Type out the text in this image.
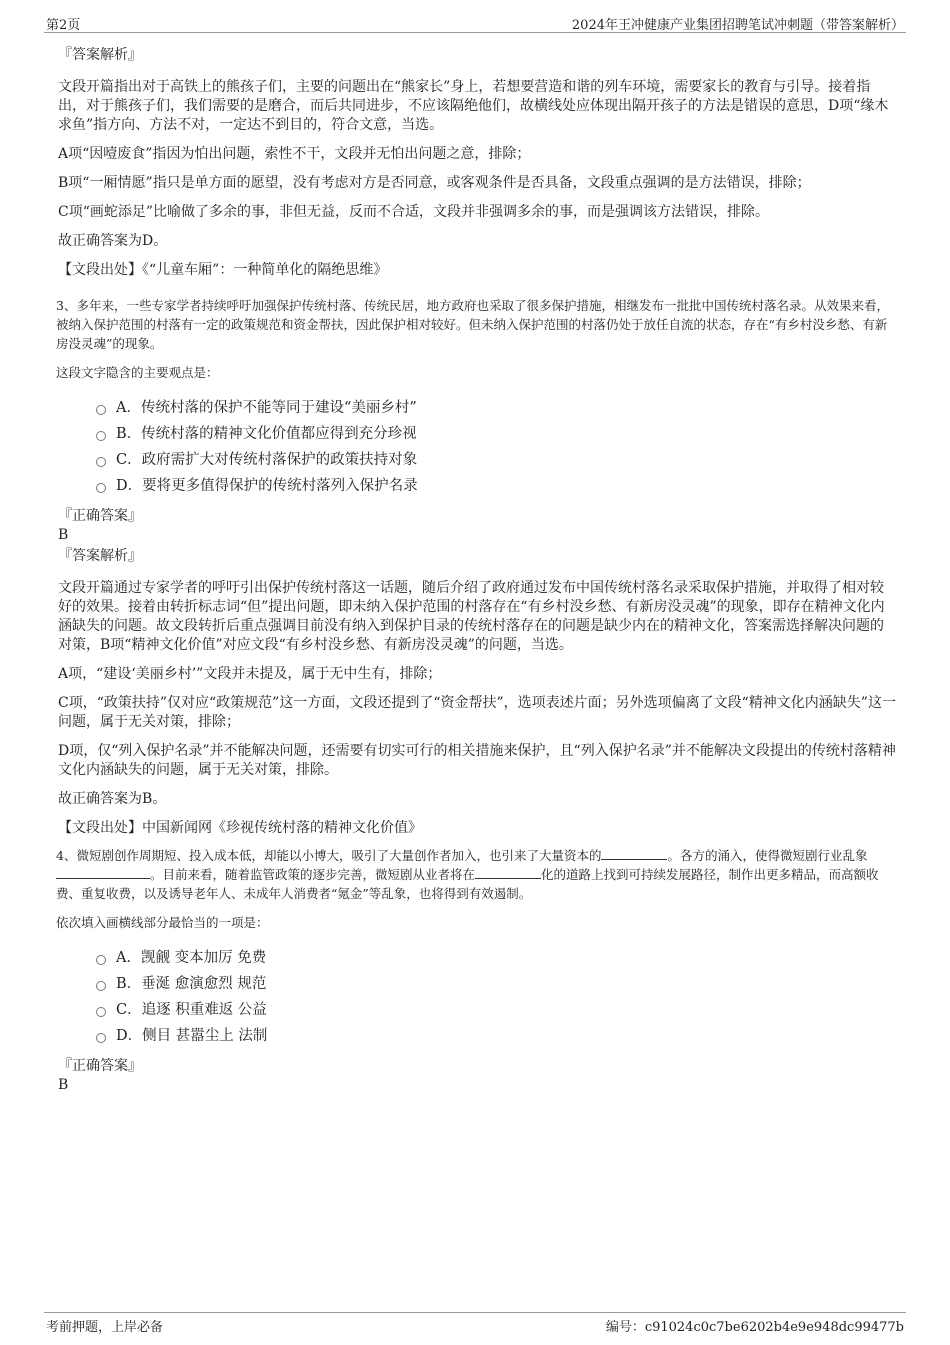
第2页	2024年王冲健康产业集团招聘笔试冲刺题（带答案解析）
『答案解析』

文段开篇指出对于高铁上的熊孩子们，主要的问题出在“熊家长”身上，若想要营造和谐的列车环境，需要家长的教育与引导。接着指出，对于熊孩子们，我们需要的是磨合，而后共同进步，不应该隔绝他们，故横线处应体现出隔开孩子的方法是错误的意思，D项“缘木求鱼”指方向、方法不对，一定达不到目的，符合文意，当选。

A项“因噎废食”指因为怕出问题，索性不干，文段并无怕出问题之意，排除；

B项“一厢情愿”指只是单方面的愿望，没有考虑对方是否同意，或客观条件是否具备，文段重点强调的是方法错误，排除；

C项“画蛇添足”比喻做了多余的事，非但无益，反而不合适，文段并非强调多余的事，而是强调该方法错误，排除。

故正确答案为D。

【文段出处】《“儿童车厢”：一种简单化的隔绝思维》

3、多年来，一些专家学者持续呼吁加强保护传统村落、传统民居，地方政府也采取了很多保护措施，相继发布一批批中国传统村落名录。从效果来看，被纳入保护范围的村落有一定的政策规范和资金帮扶，因此保护相对较好。但未纳入保护范围的村落仍处于放任自流的状态，存在“有乡村没乡愁、有新房没灵魂”的现象。

这段文字隐含的主要观点是：
A．传统村落的保护不能等同于建设“美丽乡村”
B．传统村落的精神文化价值都应得到充分珍视
C．政府需扩大对传统村落保护的政策扶持对象
D．要将更多值得保护的传统村落列入保护名录
『正确答案』
B
『答案解析』

文段开篇通过专家学者的呼吁引出保护传统村落这一话题，随后介绍了政府通过发布中国传统村落名录采取保护措施，并取得了相对较好的效果。接着由转折标志词“但”提出问题，即未纳入保护范围的村落存在“有乡村没乡愁、有新房没灵魂”的现象，即存在精神文化内涵缺失的问题。故文段转折后重点强调目前没有纳入到保护目录的传统村落存在的问题是缺少内在的精神文化，答案需选择解决问题的对策，B项“精神文化价值”对应文段“有乡村没乡愁、有新房没灵魂”的问题，当选。

A项，“建设‘美丽乡村’”文段并未提及，属于无中生有，排除；

C项，“政策扶持”仅对应“政策规范”这一方面，文段还提到了“资金帮扶”，选项表述片面；另外选项偏离了文段“精神文化内涵缺失”这一问题，属于无关对策，排除；

D项，仅“列入保护名录”并不能解决问题，还需要有切实可行的相关措施来保护，且“列入保护名录”并不能解决文段提出的传统村落精神文化内涵缺失的问题，属于无关对策，排除。

故正确答案为B。

【文段出处】中国新闻网《珍视传统村落的精神文化价值》

4、微短剧创作周期短、投入成本低，却能以小博大，吸引了大量创作者加入，也引来了大量资本的	。各方的涌入，使得微短剧行业乱象。目前来看，随着监管政策的逐步完善，微短剧从业者将在	化的道路上找到可持续发展路径，制作出更多精品，而高额收费、重复收费，以及诱导老年人、未成年人消费者“氪金”等乱象，也将得到有效遏制。

依次填入画横线部分最恰当的一项是：
A．觊觎 变本加厉 免费
B．垂涎 愈演愈烈 规范
C．追逐 积重难返 公益
D．侧目 甚嚣尘上 法制
『正确答案』
B
考前押题，上岸必备	编号：c91024c0c7be6202b4e9e948dc99477b
